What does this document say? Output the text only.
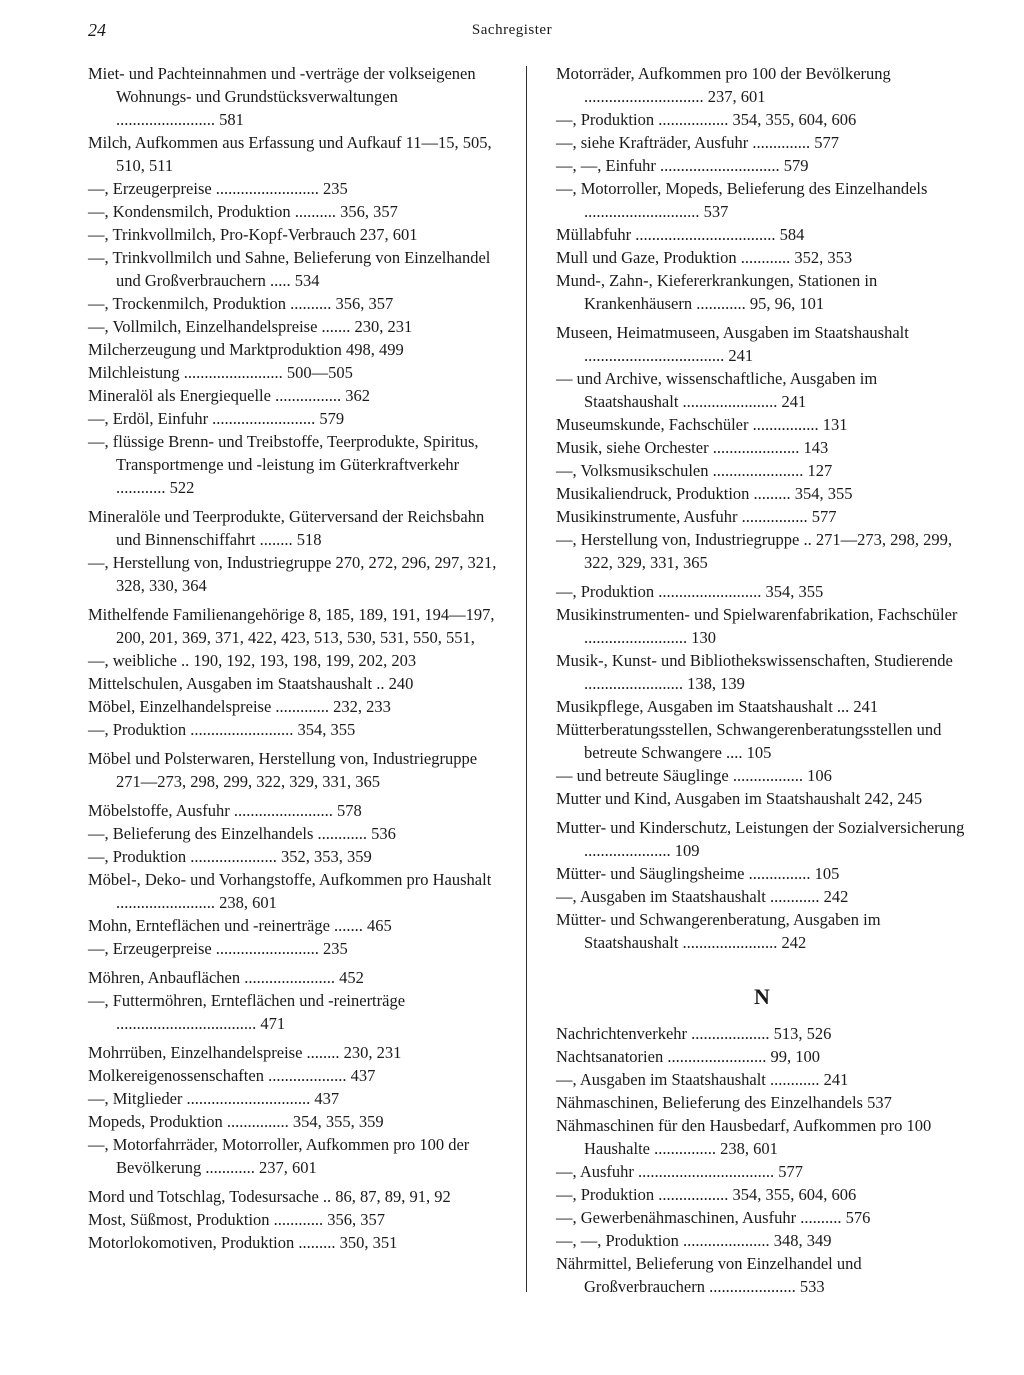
24	Sachregister

Miet- und Pachteinnahmen und -verträge der volkseigenen Wohnungs- und Grundstücksverwaltungen ........................ 581

Milch, Aufkommen aus Erfassung und Aufkauf 11—15, 505, 510, 511

—, Erzeugerpreise ......................... 235

—, Kondensmilch, Produktion .......... 356, 357

—, Trinkvollmilch, Pro-Kopf-Verbrauch 237, 601

—, Trinkvollmilch und Sahne, Belieferung von Einzelhandel und Großverbrauchern ..... 534

—, Trockenmilch, Produktion .......... 356, 357

—, Vollmilch, Einzelhandelspreise ....... 230, 231

Milcherzeugung und Marktproduktion 498, 499

Milchleistung ........................ 500—505

Mineralöl als Energiequelle ................ 362

—, Erdöl, Einfuhr ......................... 579

—, flüssige Brenn- und Treibstoffe, Teerprodukte, Spiritus, Transportmenge und -leistung im Güterkraftverkehr ............ 522

Mineralöle und Teerprodukte, Güterversand der Reichsbahn und Binnenschiffahrt ........ 518

—, Herstellung von, Industriegruppe 270, 272, 296, 297, 321, 328, 330, 364

Mithelfende Familienangehörige 8, 185, 189, 191, 194—197, 200, 201, 369, 371, 422, 423, 513, 530, 531, 550, 551,

—, weibliche .. 190, 192, 193, 198, 199, 202, 203

Mittelschulen, Ausgaben im Staatshaushalt .. 240

Möbel, Einzelhandelspreise ............. 232, 233

—, Produktion ......................... 354, 355

Möbel und Polsterwaren, Herstellung von, Industriegruppe 271—273, 298, 299, 322, 329, 331, 365

Möbelstoffe, Ausfuhr ........................ 578

—, Belieferung des Einzelhandels ............ 536

—, Produktion ..................... 352, 353, 359

Möbel-, Deko- und Vorhangstoffe, Aufkommen pro Haushalt ........................ 238, 601

Mohn, Ernteflächen und -reinerträge ....... 465

—, Erzeugerpreise ......................... 235

Möhren, Anbauflächen ...................... 452

—, Futtermöhren, Ernteflächen und -reinerträge .................................. 471

Mohrrüben, Einzelhandelspreise ........ 230, 231

Molkereigenossenschaften ................... 437

—, Mitglieder .............................. 437

Mopeds, Produktion ............... 354, 355, 359

—, Motorfahrräder, Motorroller, Aufkommen pro 100 der Bevölkerung ............ 237, 601

Mord und Totschlag, Todesursache .. 86, 87, 89, 91, 92

Most, Süßmost, Produktion ............ 356, 357

Motorlokomotiven, Produktion ......... 350, 351

Motorräder, Aufkommen pro 100 der Bevölkerung ............................. 237, 601

—, Produktion ................. 354, 355, 604, 606

—, siehe Krafträder, Ausfuhr .............. 577

—, —, Einfuhr ............................. 579

—, Motorroller, Mopeds, Belieferung des Einzelhandels ............................ 537

Müllabfuhr .................................. 584

Mull und Gaze, Produktion ............ 352, 353

Mund-, Zahn-, Kiefererkrankungen, Stationen in Krankenhäusern ............ 95, 96, 101

Museen, Heimatmuseen, Ausgaben im Staatshaushalt .................................. 241

— und Archive, wissenschaftliche, Ausgaben im Staatshaushalt ....................... 241

Museumskunde, Fachschüler ................ 131

Musik, siehe Orchester ..................... 143

—, Volksmusikschulen ...................... 127

Musikaliendruck, Produktion ......... 354, 355

Musikinstrumente, Ausfuhr ................ 577

—, Herstellung von, Industriegruppe .. 271—273, 298, 299, 322, 329, 331, 365

—, Produktion ......................... 354, 355

Musikinstrumenten- und Spielwarenfabrikation, Fachschüler ......................... 130

Musik-, Kunst- und Bibliothekswissenschaften, Studierende ........................ 138, 139

Musikpflege, Ausgaben im Staatshaushalt ... 241

Mütterberatungsstellen, Schwangerenberatungsstellen und betreute Schwangere .... 105

— und betreute Säuglinge ................. 106

Mutter und Kind, Ausgaben im Staatshaushalt 242, 245

Mutter- und Kinderschutz, Leistungen der Sozialversicherung ..................... 109

Mütter- und Säuglingsheime ............... 105

—, Ausgaben im Staatshaushalt ............ 242

Mütter- und Schwangerenberatung, Ausgaben im Staatshaushalt ....................... 242

N

Nachrichtenverkehr ................... 513, 526

Nachtsanatorien ........................ 99, 100

—, Ausgaben im Staatshaushalt ............ 241

Nähmaschinen, Belieferung des Einzelhandels 537

Nähmaschinen für den Hausbedarf, Aufkommen pro 100 Haushalte ............... 238, 601

—, Ausfuhr ................................. 577

—, Produktion ................. 354, 355, 604, 606

—, Gewerbenähmaschinen, Ausfuhr .......... 576

—, —, Produktion ..................... 348, 349

Nährmittel, Belieferung von Einzelhandel und Großverbrauchern ..................... 533
